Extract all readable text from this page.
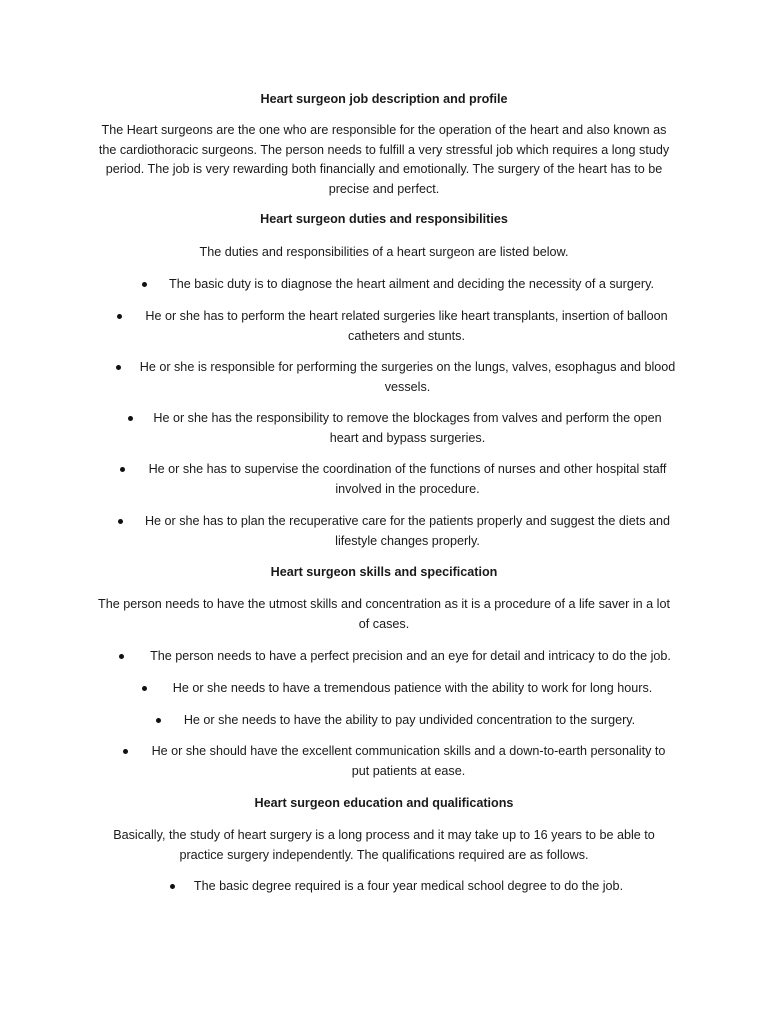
Heart surgeon job description and profile

The Heart surgeons are the one who are responsible for the operation of the heart and also known as the cardiothoracic surgeons. The person needs to fulfill a very stressful job which requires a long study period. The job is very rewarding both financially and emotionally. The surgery of the heart has to be precise and perfect.

Heart surgeon duties and responsibilities

The duties and responsibilities of a heart surgeon are listed below.

The basic duty is to diagnose the heart ailment and deciding the necessity of a surgery.
He or she has to perform the heart related surgeries like heart transplants, insertion of balloon catheters and stunts.
He or she is responsible for performing the surgeries on the lungs, valves, esophagus and blood vessels.
He or she has the responsibility to remove the blockages from valves and perform the open heart and bypass surgeries.
He or she has to supervise the coordination of the functions of nurses and other hospital staff involved in the procedure.
He or she has to plan the recuperative care for the patients properly and suggest the diets and lifestyle changes properly.

Heart surgeon skills and specification

The person needs to have the utmost skills and concentration as it is a procedure of a life saver in a lot of cases.

The person needs to have a perfect precision and an eye for detail and intricacy to do the job.
He or she needs to have a tremendous patience with the ability to work for long hours.
He or she needs to have the ability to pay undivided concentration to the surgery.
He or she should have the excellent communication skills and a down-to-earth personality to put patients at ease.

Heart surgeon education and qualifications

Basically, the study of heart surgery is a long process and it may take up to 16 years to be able to practice surgery independently. The qualifications required are as follows.

The basic degree required is a four year medical school degree to do the job.
